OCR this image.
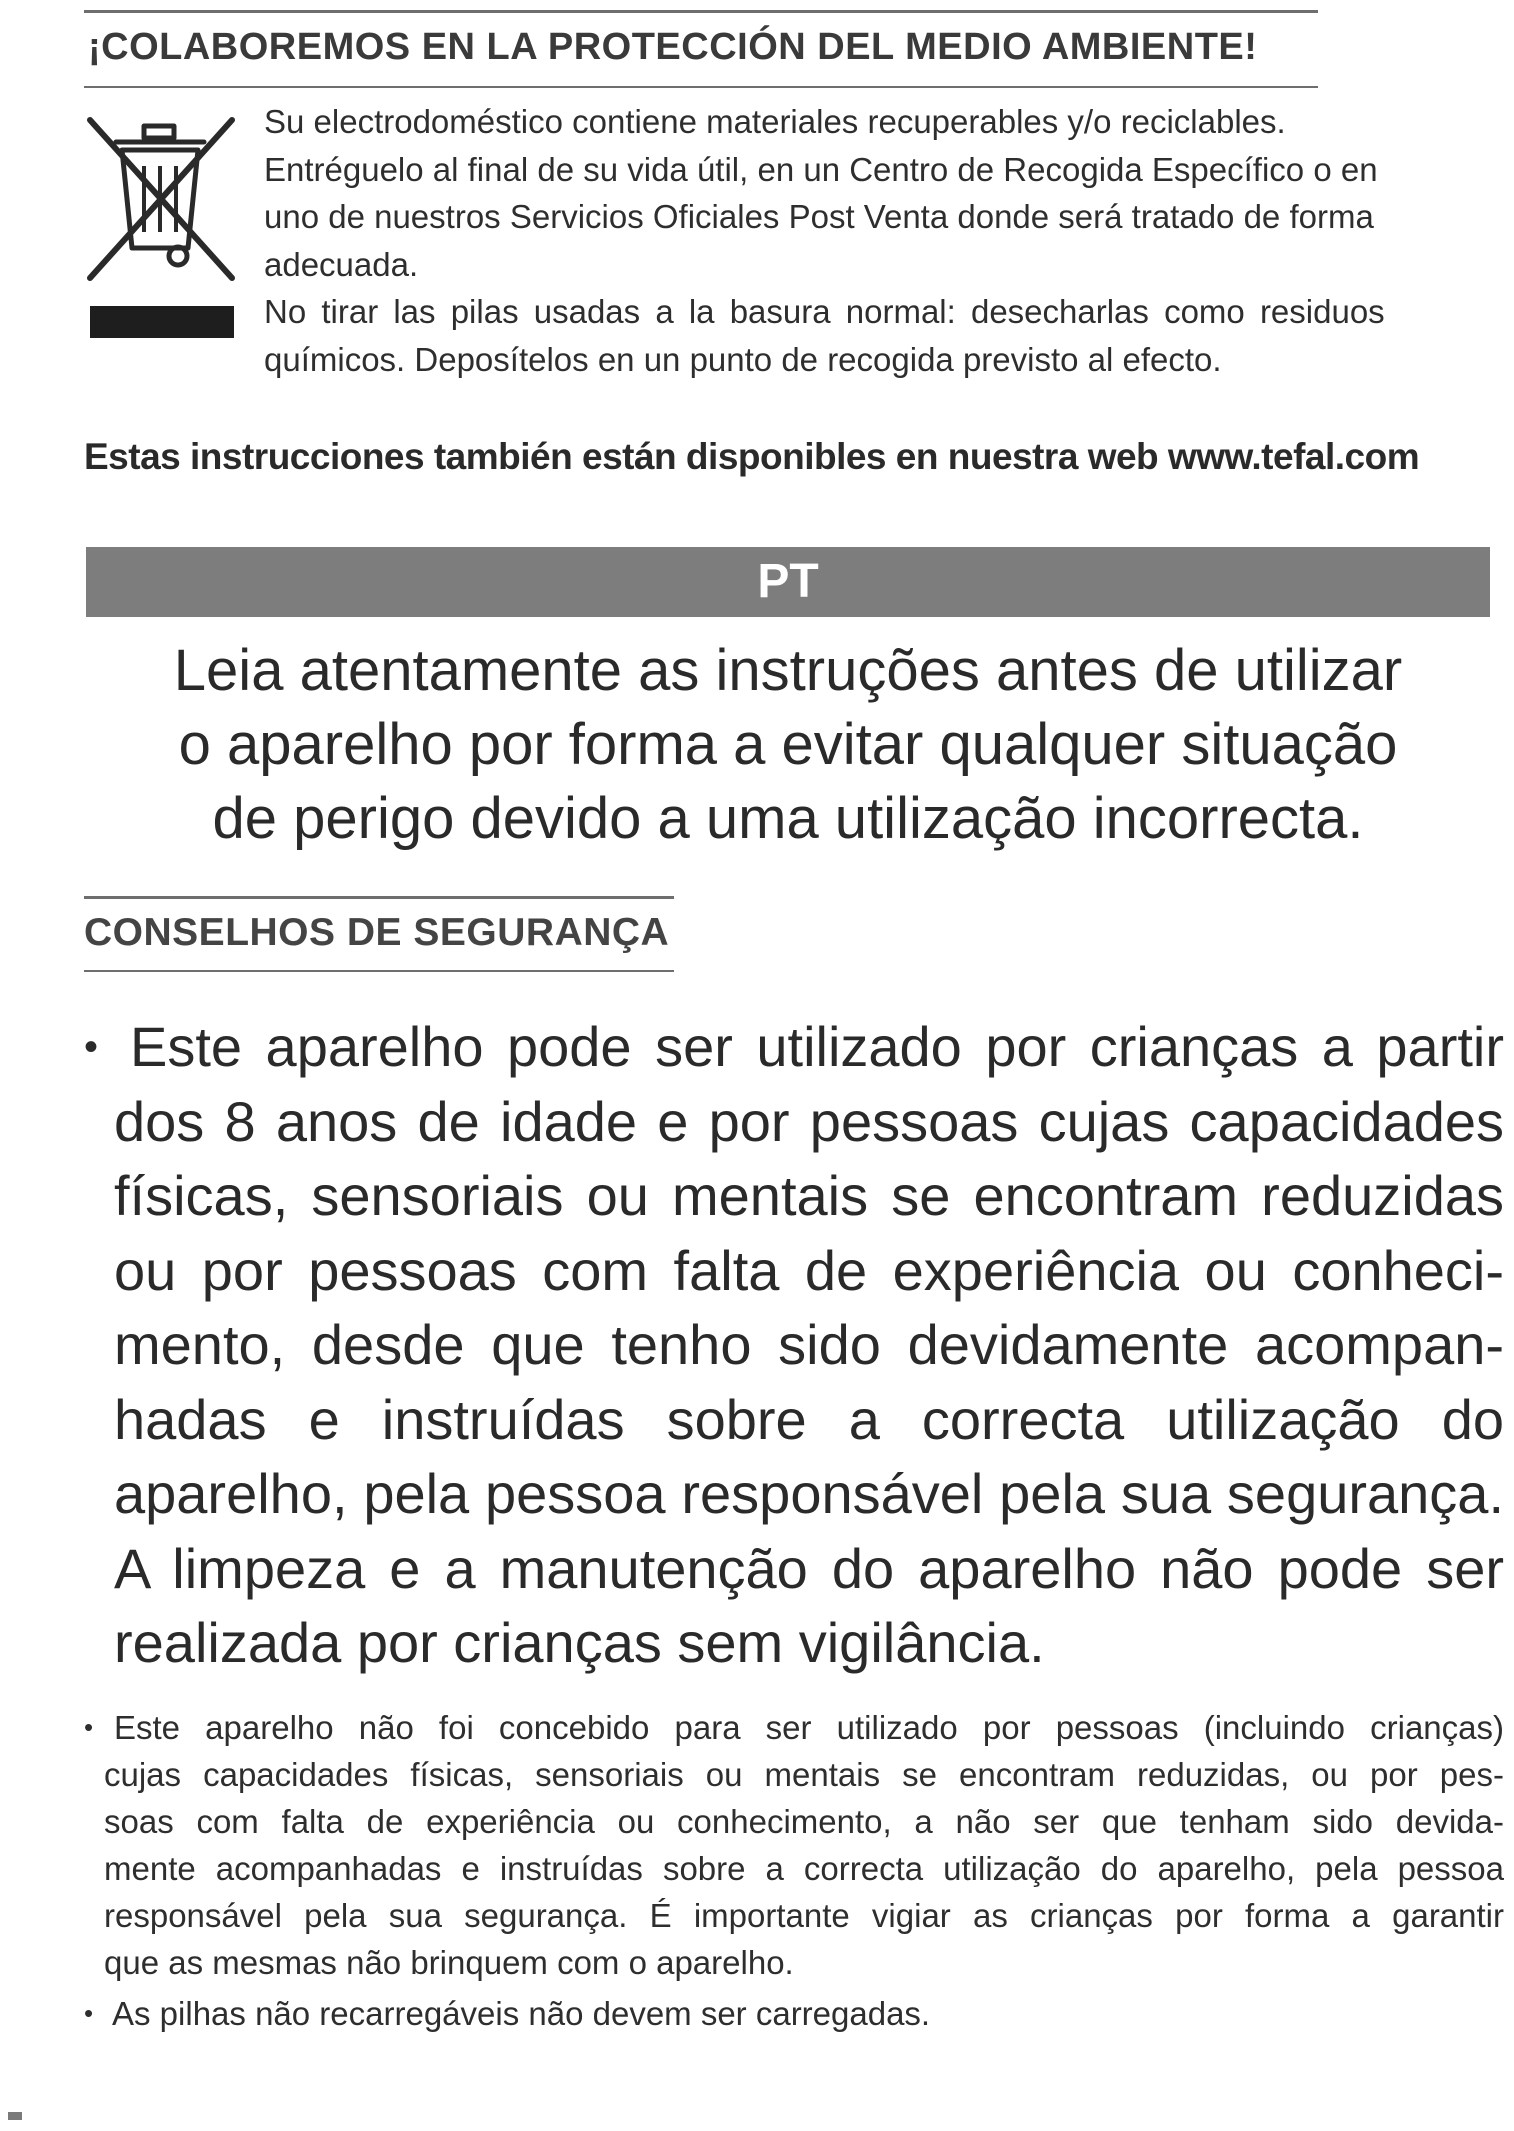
¡COLABOREMOS EN LA PROTECCIÓN DEL MEDIO AMBIENTE!

Su electrodoméstico contiene materiales recuperables y/o reciclables.
Entréguelo al final de su vida útil, en un Centro de Recogida Específico o en
uno de nuestros Servicios Oficiales Post Venta donde será tratado de forma
adecuada.

No tirar las pilas usadas a la basura normal: desecharlas como residuos
químicos. Deposítelos en un punto de recogida previsto al efecto.

Estas instrucciones también están disponibles en nuestra web www.tefal.com
PT
Leia atentamente as instruções antes de utilizar
o aparelho por forma a evitar qualquer situação
de perigo devido a uma utilização incorrecta.
CONSELHOS DE SEGURANÇA
• Este aparelho pode ser utilizado por crianças a partir
dos 8 anos de idade e por pessoas cujas capacidades
físicas, sensoriais ou mentais se encontram reduzidas
ou por pessoas com falta de experiência ou conheci-
mento, desde que tenho sido devidamente acompan-
hadas e instruídas sobre a correcta utilização do
aparelho, pela pessoa responsável pela sua segurança.
A limpeza e a manutenção do aparelho não pode ser
realizada por crianças sem vigilância.
• Este aparelho não foi concebido para ser utilizado por pessoas (incluindo crianças)
cujas capacidades físicas, sensoriais ou mentais se encontram reduzidas, ou por pes-
soas com falta de experiência ou conhecimento, a não ser que tenham sido devida-
mente acompanhadas e instruídas sobre a correcta utilização do aparelho, pela pessoa
responsável pela sua segurança. É importante vigiar as crianças por forma a garantir
que as mesmas não brinquem com o aparelho.
• As pilhas não recarregáveis não devem ser carregadas.
